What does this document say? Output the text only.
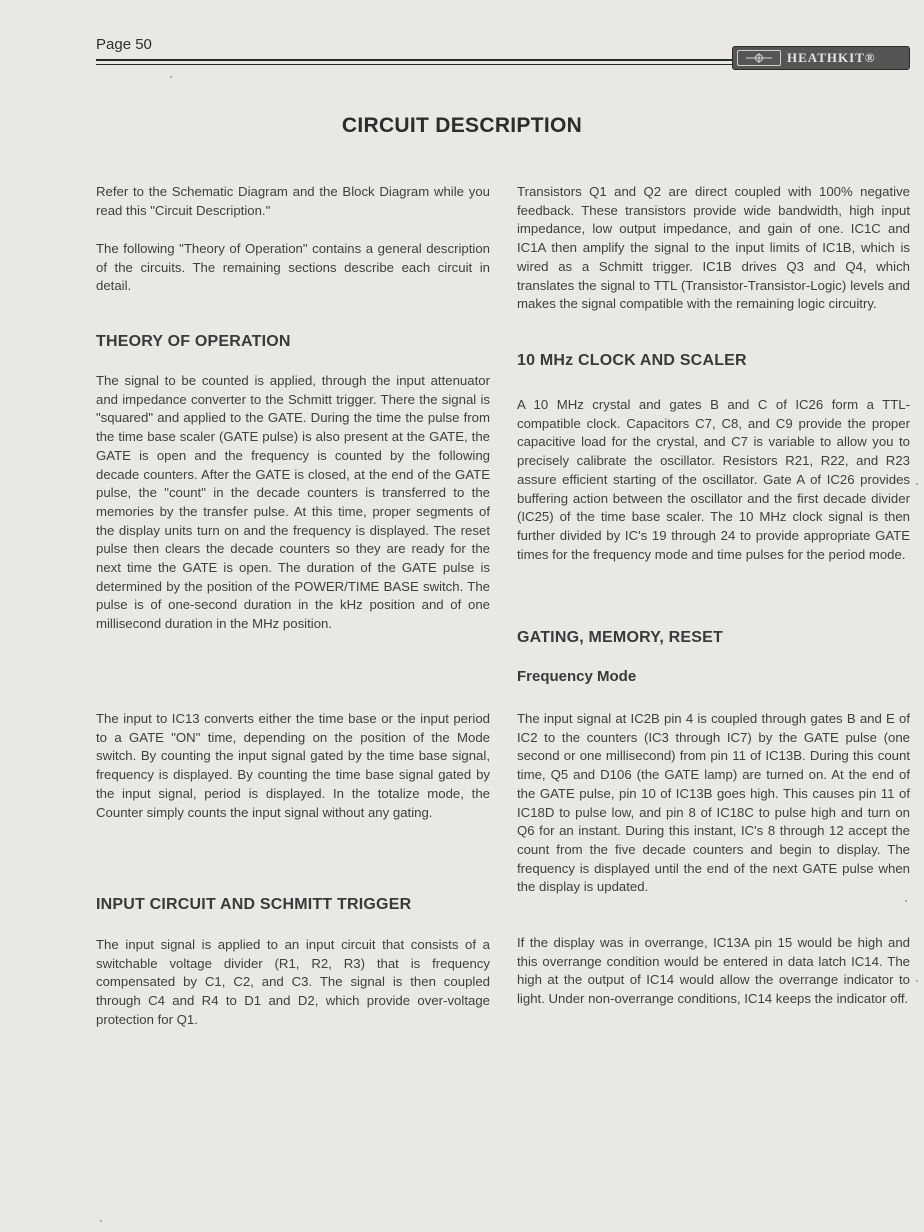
Page 50
HEATHKIT®
CIRCUIT DESCRIPTION

Refer to the Schematic Diagram and the Block Diagram while you read this "Circuit Description."

The following "Theory of Operation" contains a general description of the circuits. The remaining sections describe each circuit in detail.

THEORY OF OPERATION

The signal to be counted is applied, through the input attenuator and impedance converter to the Schmitt trigger. There the signal is "squared" and applied to the GATE. During the time the pulse from the time base scaler (GATE pulse) is also present at the GATE, the GATE is open and the frequency is counted by the following decade counters. After the GATE is closed, at the end of the GATE pulse, the "count" in the decade counters is transferred to the memories by the transfer pulse. At this time, proper segments of the display units turn on and the frequency is displayed. The reset pulse then clears the decade counters so they are ready for the next time the GATE is open. The duration of the GATE pulse is determined by the position of the POWER/TIME BASE switch. The pulse is of one-second duration in the kHz position and of one millisecond duration in the MHz position.

The input to IC13 converts either the time base or the input period to a GATE "ON" time, depending on the position of the Mode switch. By counting the input signal gated by the time base signal, frequency is displayed. By counting the time base signal gated by the input signal, period is displayed. In the totalize mode, the Counter simply counts the input signal without any gating.

INPUT CIRCUIT AND SCHMITT TRIGGER

The input signal is applied to an input circuit that consists of a switchable voltage divider (R1, R2, R3) that is frequency compensated by C1, C2, and C3. The signal is then coupled through C4 and R4 to D1 and D2, which provide over-voltage protection for Q1.

Transistors Q1 and Q2 are direct coupled with 100% negative feedback. These transistors provide wide bandwidth, high input impedance, low output impedance, and gain of one. IC1C and IC1A then amplify the signal to the input limits of IC1B, which is wired as a Schmitt trigger. IC1B drives Q3 and Q4, which translates the signal to TTL (Transistor-Transistor-Logic) levels and makes the signal compatible with the remaining logic circuitry.

10 MHz CLOCK AND SCALER

A 10 MHz crystal and gates B and C of IC26 form a TTL-compatible clock. Capacitors C7, C8, and C9 provide the proper capacitive load for the crystal, and C7 is variable to allow you to precisely calibrate the oscillator. Resistors R21, R22, and R23 assure efficient starting of the oscillator. Gate A of IC26 provides buffering action between the oscillator and the first decade divider (IC25) of the time base scaler. The 10 MHz clock signal is then further divided by IC's 19 through 24 to provide appropriate GATE times for the frequency mode and time pulses for the period mode.

GATING, MEMORY, RESET
Frequency Mode

The input signal at IC2B pin 4 is coupled through gates B and E of IC2 to the counters (IC3 through IC7) by the GATE pulse (one second or one millisecond) from pin 11 of IC13B. During this count time, Q5 and D106 (the GATE lamp) are turned on. At the end of the GATE pulse, pin 10 of IC13B goes high. This causes pin 11 of IC18D to pulse low, and pin 8 of IC18C to pulse high and turn on Q6 for an instant. During this instant, IC's 8 through 12 accept the count from the five decade counters and begin to display. The frequency is displayed until the end of the next GATE pulse when the display is updated.

If the display was in overrange, IC13A pin 15 would be high and this overrange condition would be entered in data latch IC14. The high at the output of IC14 would allow the overrange indicator to light. Under non-overrange conditions, IC14 keeps the indicator off.
